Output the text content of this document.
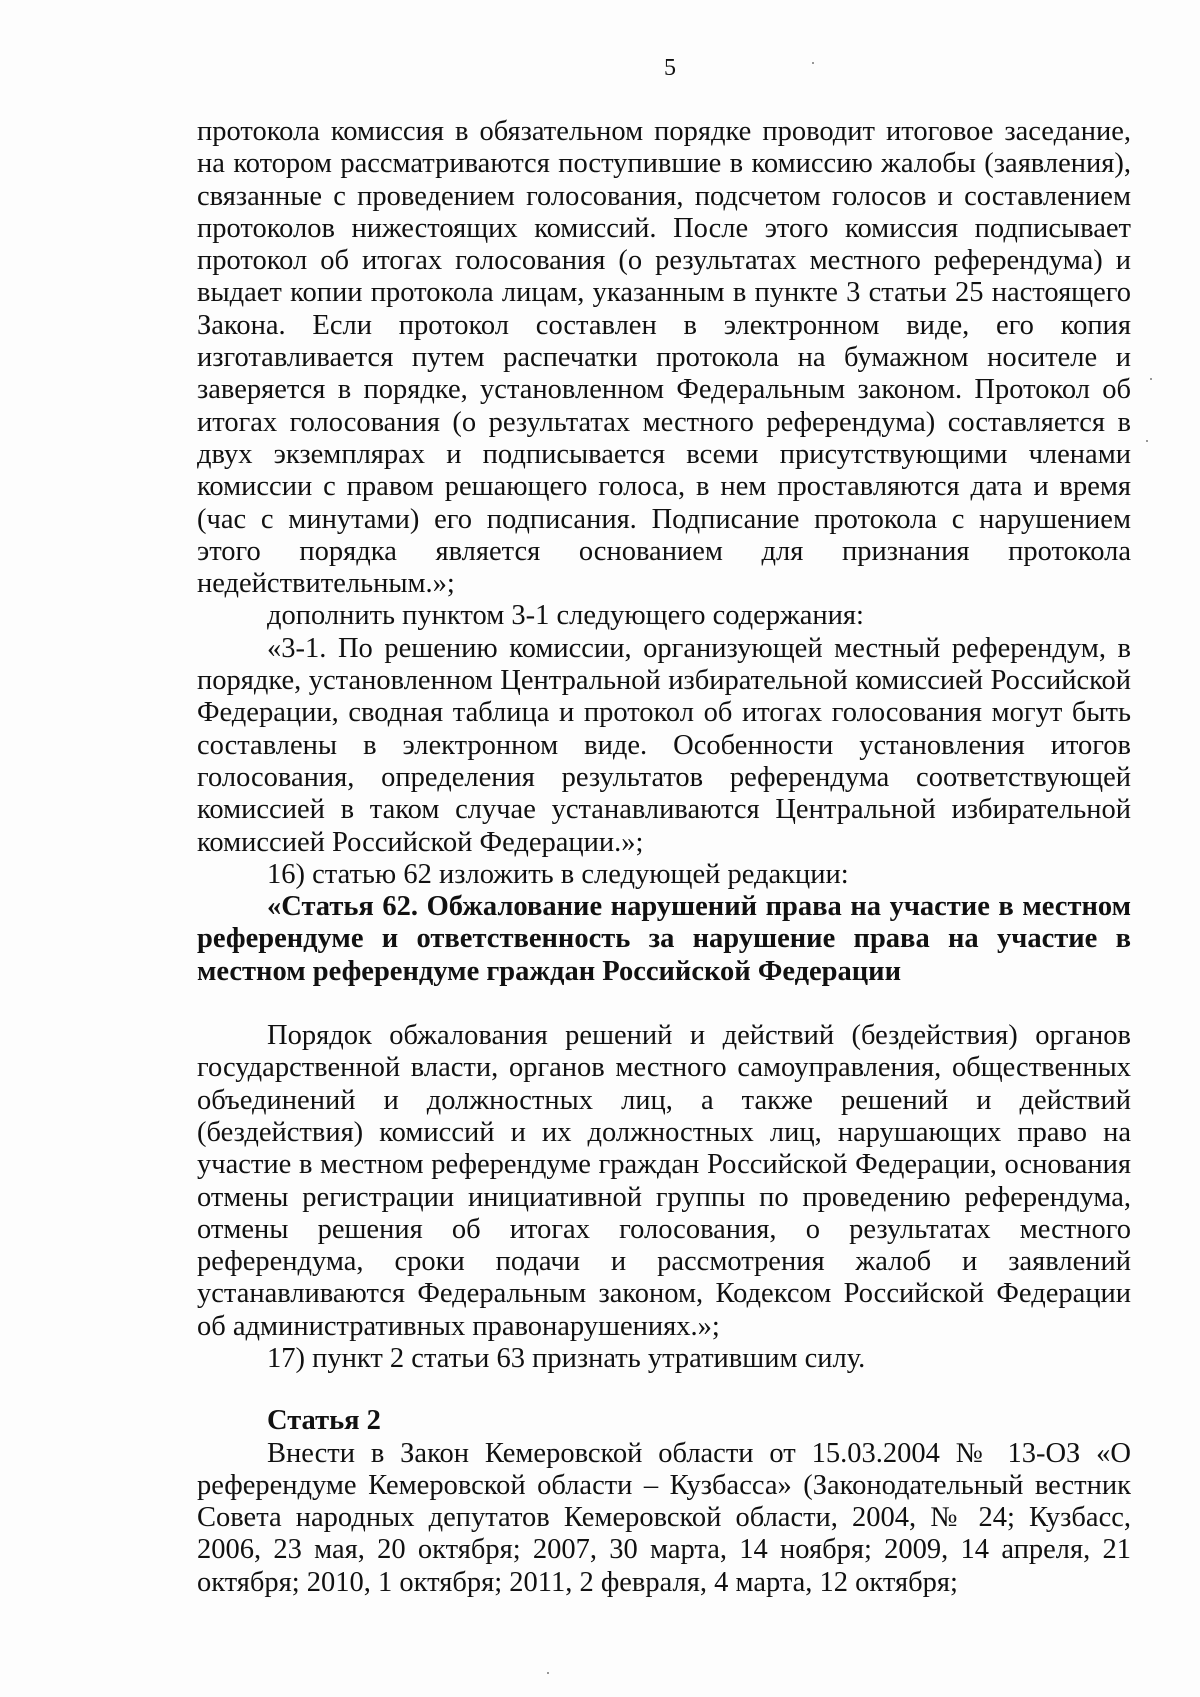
5

протокола комиссия в обязательном порядке проводит итоговое заседание, на котором рассматриваются поступившие в комиссию жалобы (заявления), связанные с проведением голосования, подсчетом голосов и составлением протоколов нижестоящих комиссий. После этого комиссия подписывает протокол об итогах голосования (о результатах местного референдума) и выдает копии протокола лицам, указанным в пункте 3 статьи 25 настоящего Закона. Если протокол составлен в электронном виде, его копия изготавливается путем распечатки протокола на бумажном носителе и заверяется в порядке, установленном Федеральным законом. Протокол об итогах голосования (о результатах местного референдума) составляется в двух экземплярах и подписывается всеми присутствующими членами комиссии с правом решающего голоса, в нем проставляются дата и время (час с минутами) его подписания. Подписание протокола с нарушением этого порядка является основанием для признания протокола недействительным.»;

дополнить пунктом 3-1 следующего содержания:

«3-1. По решению комиссии, организующей местный референдум, в порядке, установленном Центральной избирательной комиссией Российской Федерации, сводная таблица и протокол об итогах голосования могут быть составлены в электронном виде. Особенности установления итогов голосования, определения результатов референдума соответствующей комиссией в таком случае устанавливаются Центральной избирательной комиссией Российской Федерации.»;

16) статью 62 изложить в следующей редакции:

«Статья 62. Обжалование нарушений права на участие в местном референдуме и ответственность за нарушение права на участие в местном референдуме граждан Российской Федерации

Порядок обжалования решений и действий (бездействия) органов государственной власти, органов местного самоуправления, общественных объединений и должностных лиц, а также решений и действий (бездействия) комиссий и их должностных лиц, нарушающих право на участие в местном референдуме граждан Российской Федерации, основания отмены регистрации инициативной группы по проведению референдума, отмены решения об итогах голосования, о результатах местного референдума, сроки подачи и рассмотрения жалоб и заявлений устанавливаются Федеральным законом, Кодексом Российской Федерации об административных правонарушениях.»;

17) пункт 2 статьи 63 признать утратившим силу.

Статья 2

Внести в Закон Кемеровской области от 15.03.2004 № 13-ОЗ «О референдуме Кемеровской области – Кузбасса» (Законодательный вестник Совета народных депутатов Кемеровской области, 2004, № 24; Кузбасс, 2006, 23 мая, 20 октября; 2007, 30 марта, 14 ноября; 2009, 14 апреля, 21 октября; 2010, 1 октября; 2011, 2 февраля, 4 марта, 12 октября;
